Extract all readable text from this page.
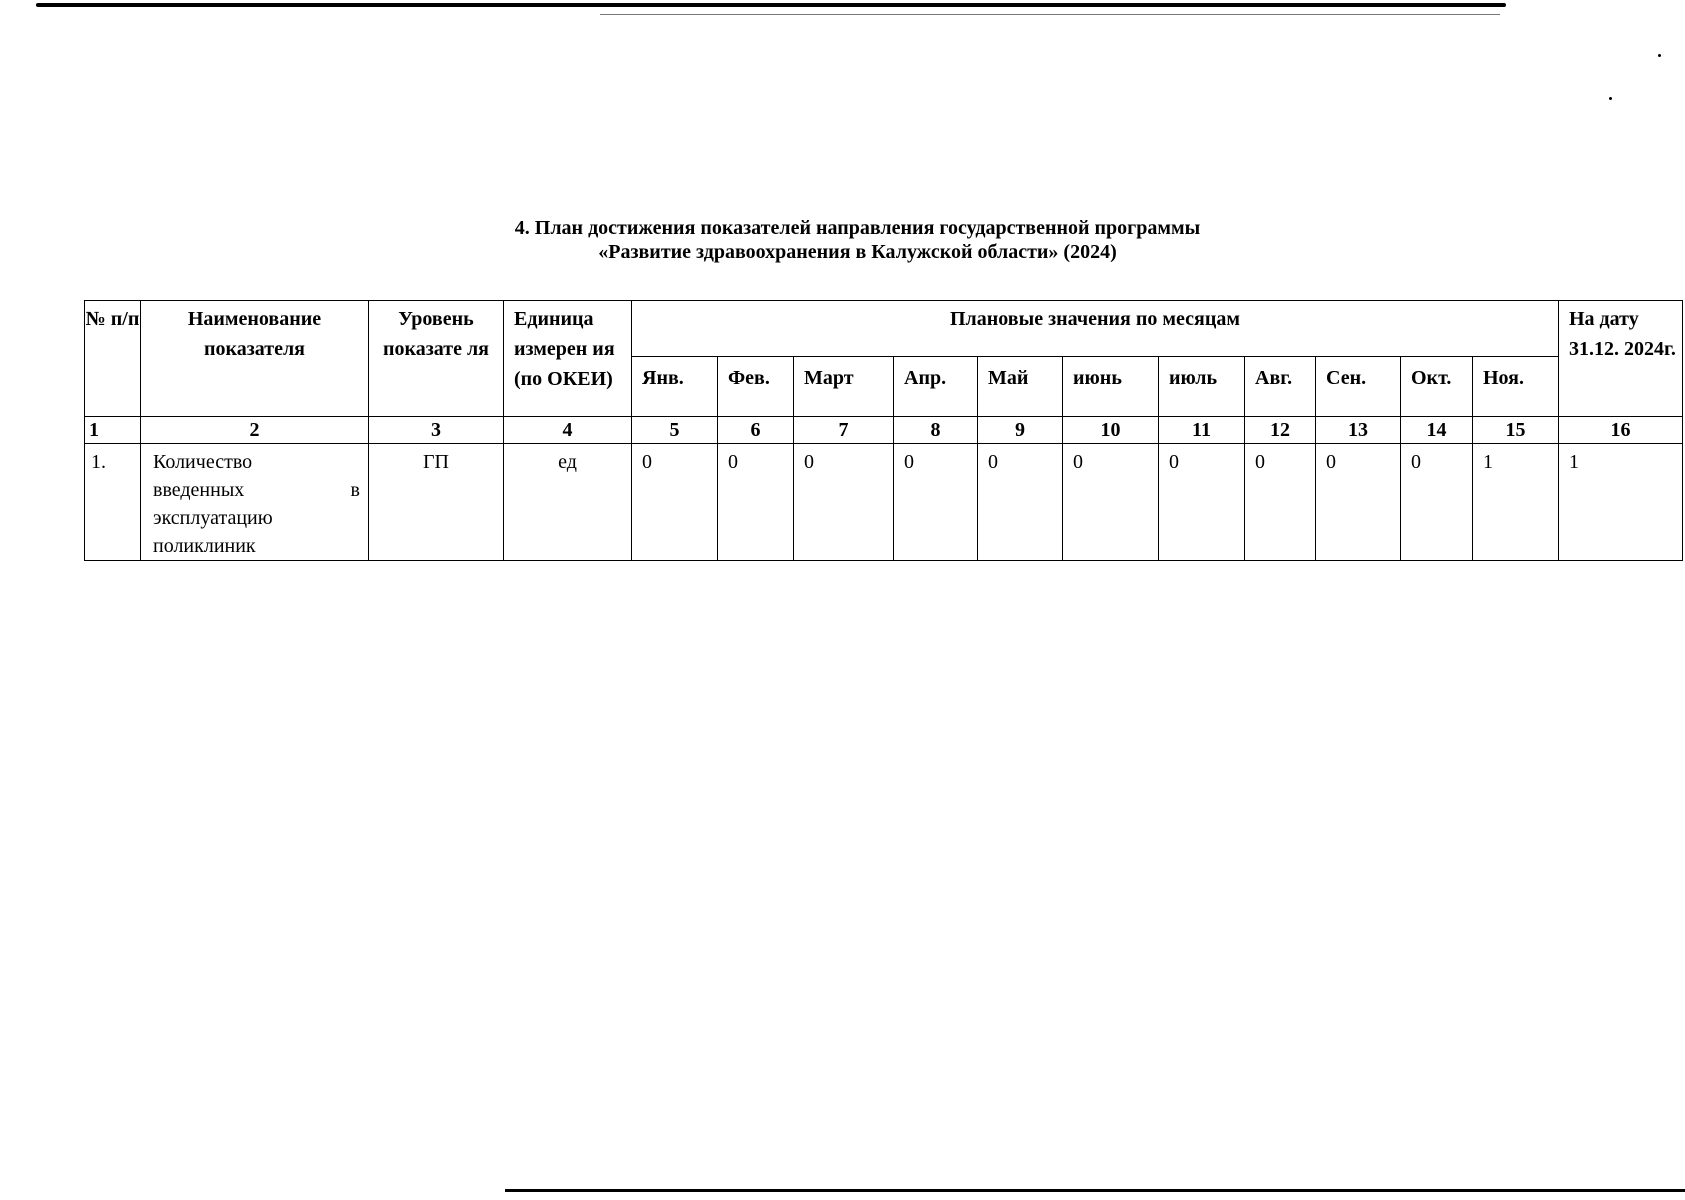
4. План достижения показателей направления государственной программы
«Развитие здравоохранения в Калужской области» (2024)
№ п/п	Наименование показателя	Уровень показате ля	Единица измерен ия (по ОКЕИ)	Плановые значения по месяцам											На дату 31.12. 2024г.
				Янв.	Фев.	Март	Апр.	Май	июнь	июль	Авг.	Сен.	Окт.	Ноя.	
1	2	3	4	5	6	7	8	9	10	11	12	13	14	15	16
1.	Количество
введенных в
эксплуатацию
поликлиник	ГП	ед	0	0	0	0	0	0	0	0	0	0	1	1
